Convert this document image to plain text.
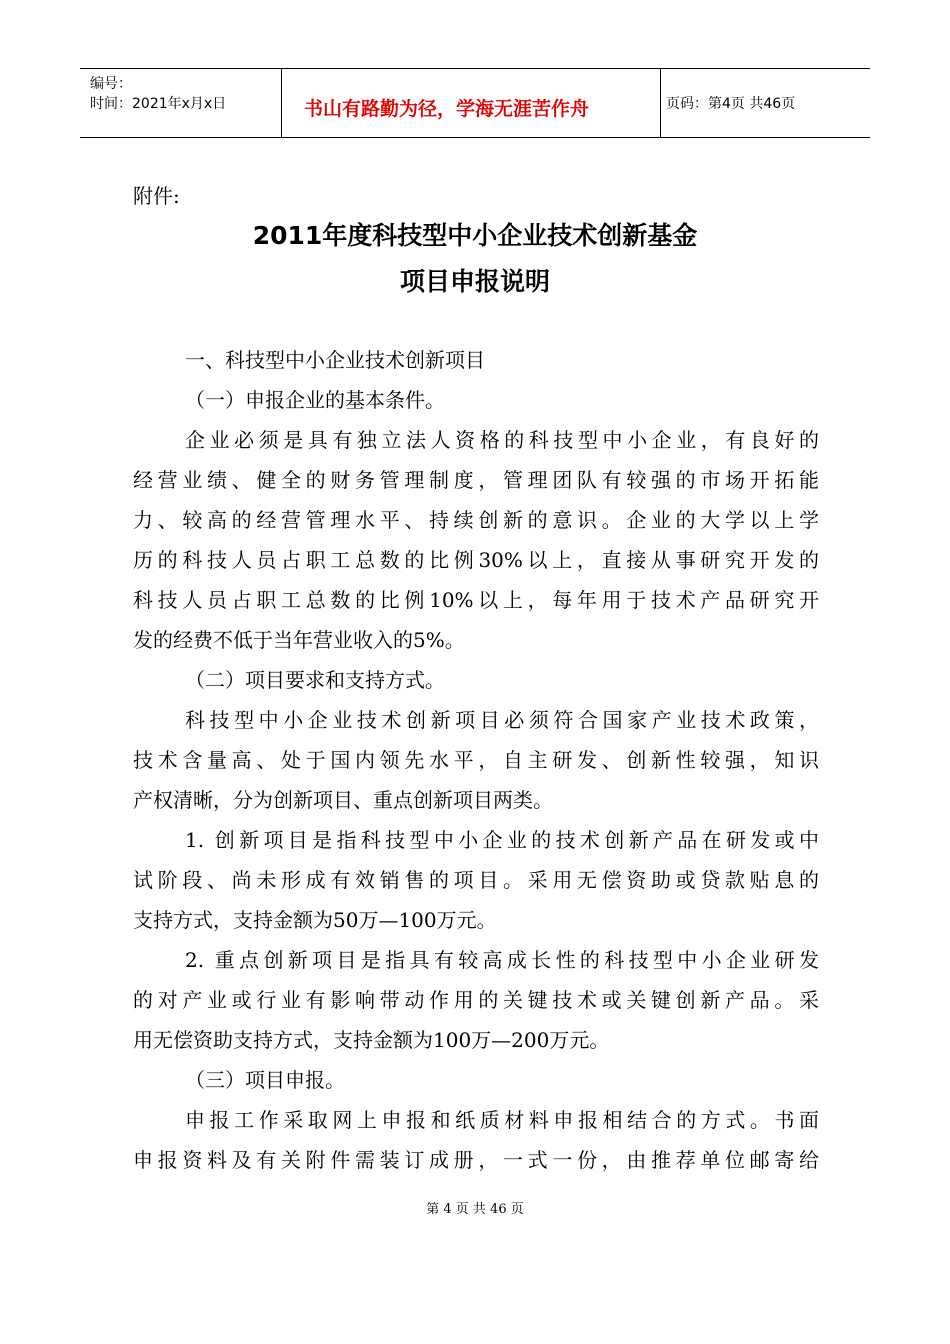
编号：
时间：2021年x月x日	书山有路勤为径，学海无涯苦作舟	页码：第4页 共46页
附件:
2011年度科技型中小企业技术创新基金
项目申报说明
一、科技型中小企业技术创新项目
（一）申报企业的基本条件。
企业必须是具有独立法人资格的科技型中小企业，有良好的
经营业绩、健全的财务管理制度，管理团队有较强的市场开拓能
力、较高的经营管理水平、持续创新的意识。企业的大学以上学
历的科技人员占职工总数的比例30%以上，直接从事研究开发的
科技人员占职工总数的比例10%以上，每年用于技术产品研究开
发的经费不低于当年营业收入的5%。
（二）项目要求和支持方式。
科技型中小企业技术创新项目必须符合国家产业技术政策，
技术含量高、处于国内领先水平，自主研发、创新性较强，知识
产权清晰，分为创新项目、重点创新项目两类。
1. 创新项目是指科技型中小企业的技术创新产品在研发或中
试阶段、尚未形成有效销售的项目。采用无偿资助或贷款贴息的
支持方式，支持金额为50万—100万元。
2. 重点创新项目是指具有较高成长性的科技型中小企业研发
的对产业或行业有影响带动作用的关键技术或关键创新产品。采
用无偿资助支持方式，支持金额为100万—200万元。
（三）项目申报。
申报工作采取网上申报和纸质材料申报相结合的方式。书面
申报资料及有关附件需装订成册，一式一份，由推荐单位邮寄给
第 4 页 共 46 页
